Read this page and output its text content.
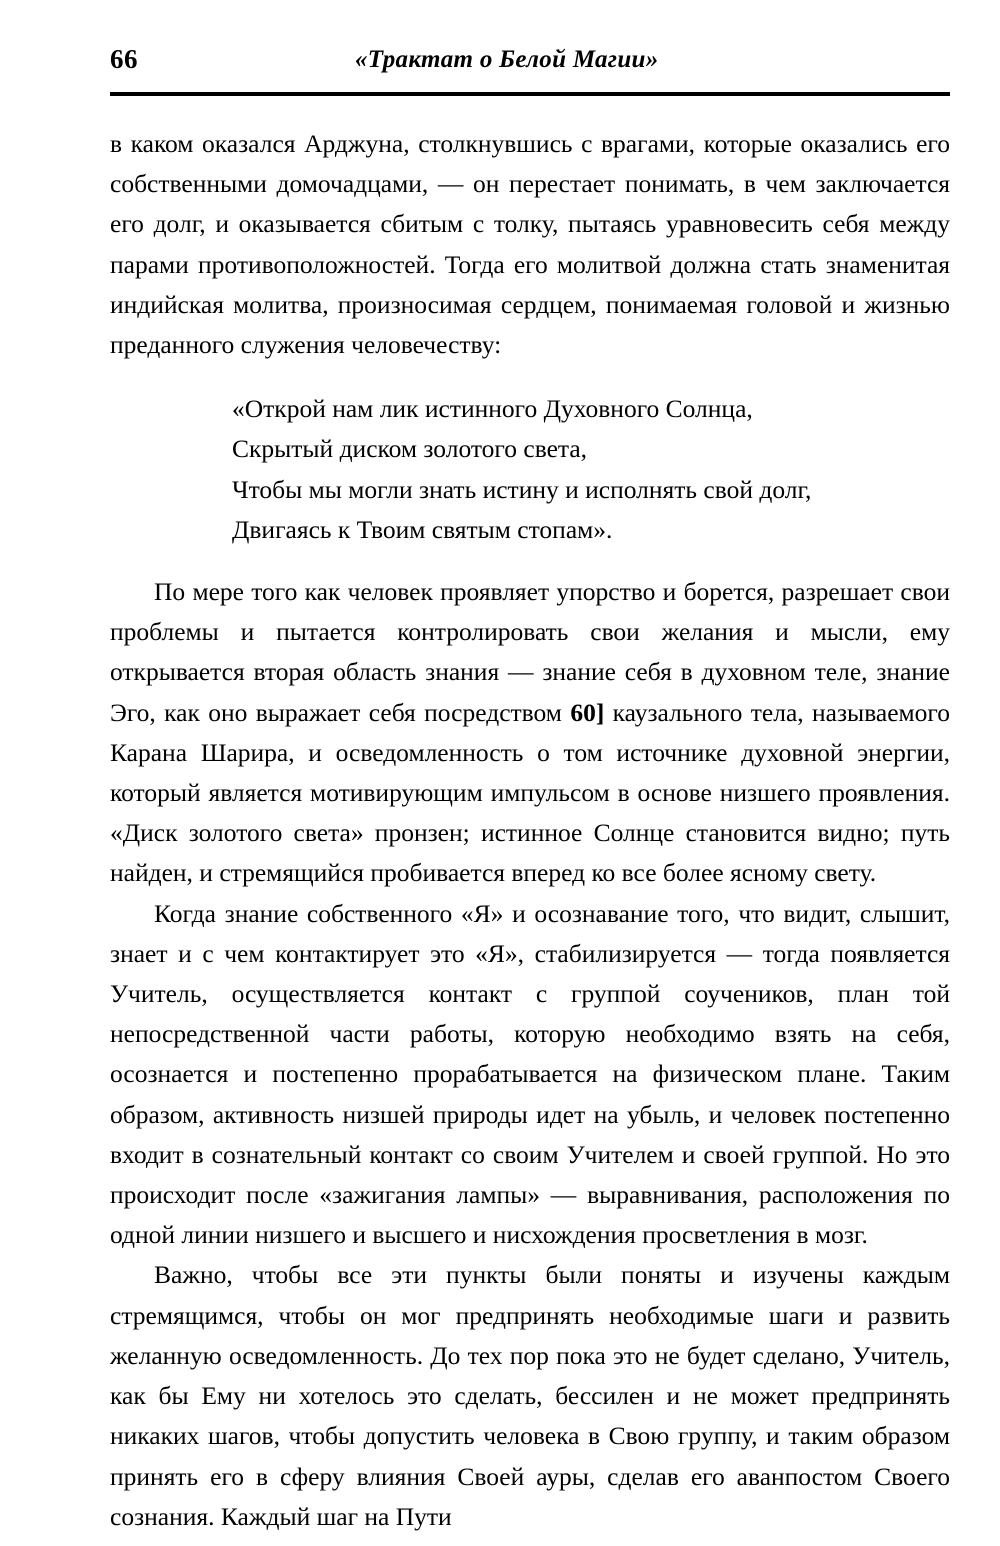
66	«Трактат о Белой Магии»

в каком оказался Арджуна, столкнувшись с врагами, которые оказались его собственными домочадцами, — он перестает понимать, в чем заключается его долг, и оказывается сбитым с толку, пытаясь уравновесить себя между парами противоположностей. Тогда его молитвой должна стать знаменитая индийская молитва, произносимая сердцем, понимаемая головой и жизнью преданного служения человечеству:

«Открой нам лик истинного Духовного Солнца,
Скрытый диском золотого света,
Чтобы мы могли знать истину и исполнять свой долг,
Двигаясь к Твоим святым стопам».

По мере того как человек проявляет упорство и борется, разрешает свои проблемы и пытается контролировать свои желания и мысли, ему открывается вторая область знания — знание себя в духовном теле, знание Эго, как оно выражает себя посредством 60] каузального тела, называемого Карана Шарира, и осведомленность о том источнике духовной энергии, который является мотивирующим импульсом в основе низшего проявления. «Диск золотого света» пронзен; истинное Солнце становится видно; путь найден, и стремящийся пробивается вперед ко все более ясному свету.

Когда знание собственного «Я» и осознавание того, что видит, слышит, знает и с чем контактирует это «Я», стабилизируется — тогда появляется Учитель, осуществляется контакт с группой соучеников, план той непосредственной части работы, которую необходимо взять на себя, осознается и постепенно прорабатывается на физическом плане. Таким образом, активность низшей природы идет на убыль, и человек постепенно входит в сознательный контакт со своим Учителем и своей группой. Но это происходит после «зажигания лампы» — выравнивания, расположения по одной линии низшего и высшего и нисхождения просветления в мозг.

Важно, чтобы все эти пункты были поняты и изучены каждым стремящимся, чтобы он мог предпринять необходимые шаги и развить желанную осведомленность. До тех пор пока это не будет сделано, Учитель, как бы Ему ни хотелось это сделать, бессилен и не может предпринять никаких шагов, чтобы допустить человека в Свою группу, и таким образом принять его в сферу влияния Своей ауры, сделав его аванпостом Своего сознания. Каждый шаг на Пути
